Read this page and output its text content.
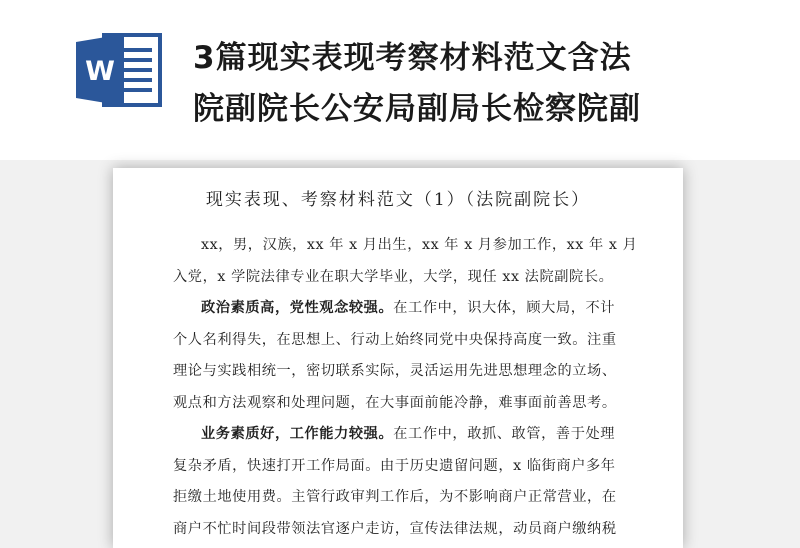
W	3篇现实表现考察材料范文含法
院副院长公安局副局长检察院副
现实表现、考察材料范文（1）（法院副院长）
xx，男，汉族，xx 年 x 月出生，xx 年 x 月参加工作，xx 年 x 月
入党，x 学院法律专业在职大学毕业，大学，现任 xx 法院副院长。
政治素质高，党性观念较强。在工作中，识大体，顾大局，不计
个人名利得失，在思想上、行动上始终同党中央保持高度一致。注重
理论与实践相统一，密切联系实际，灵活运用先进思想理念的立场、
观点和方法观察和处理问题，在大事面前能冷静，难事面前善思考。
业务素质好，工作能力较强。在工作中，敢抓、敢管，善于处理
复杂矛盾，快速打开工作局面。由于历史遗留问题，x 临街商户多年
拒缴土地使用费。主管行政审判工作后，为不影响商户正常营业，在
商户不忙时间段带领法官逐户走访，宣传法律法规，动员商户缴纳税
